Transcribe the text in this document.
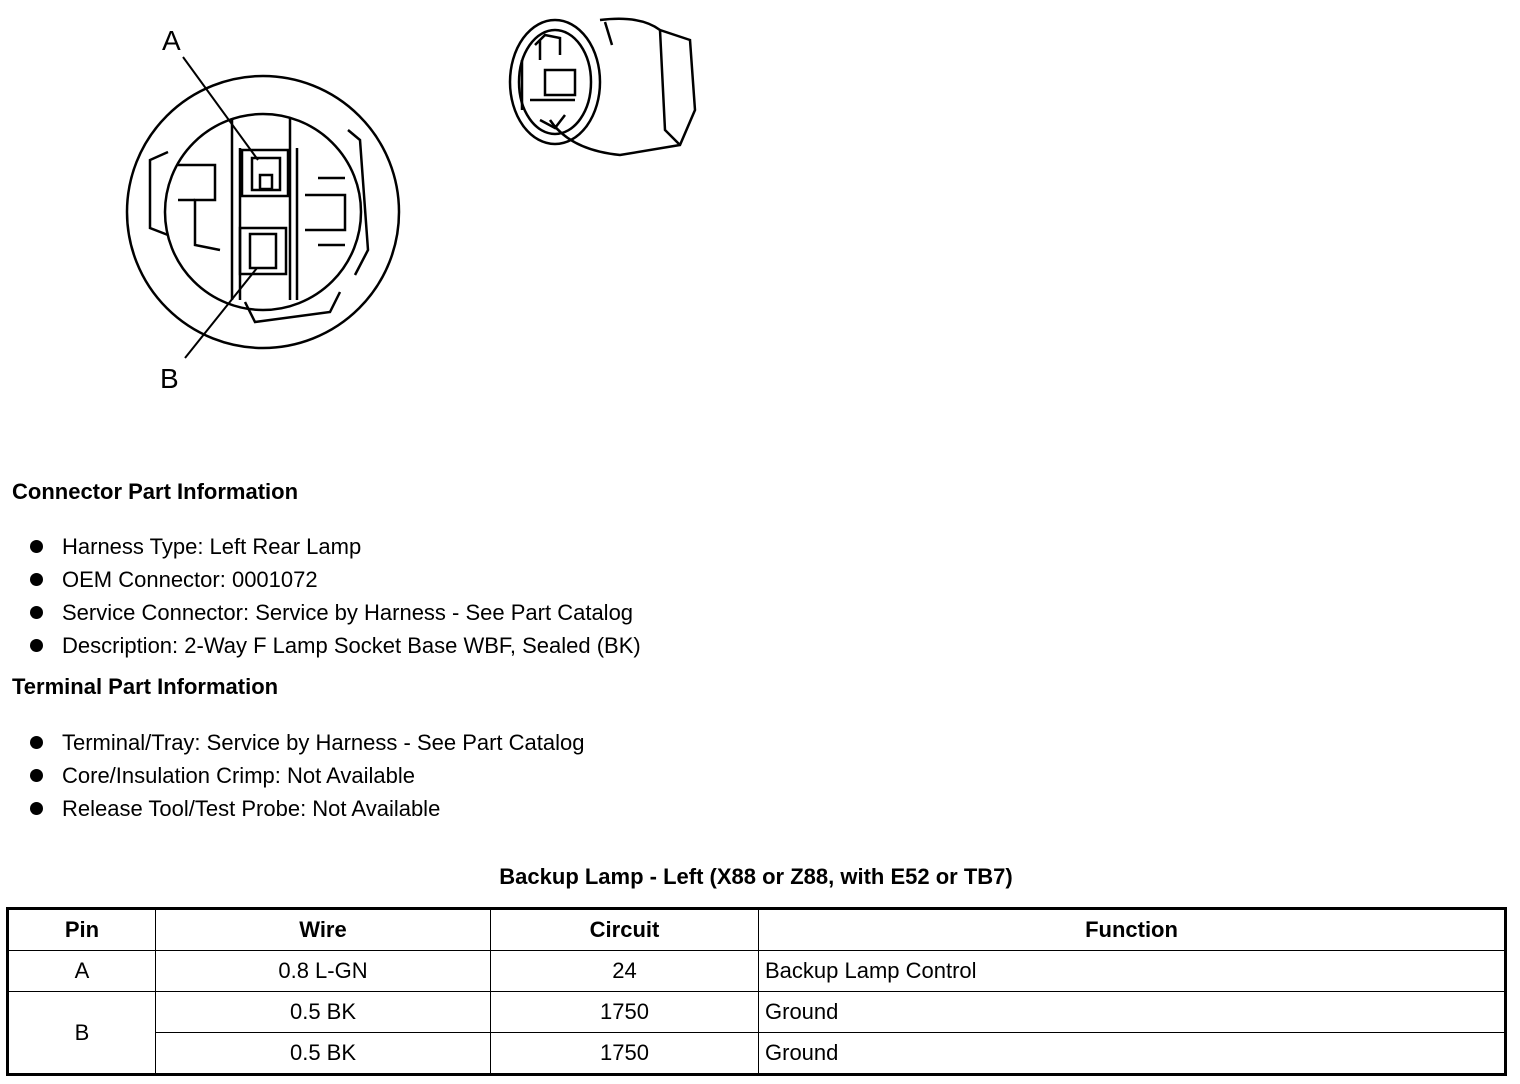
A
B
Connector Part Information
Harness Type: Left Rear Lamp
OEM Connector: 0001072
Service Connector: Service by Harness - See Part Catalog
Description: 2-Way F Lamp Socket Base WBF, Sealed (BK)
Terminal Part Information
Terminal/Tray: Service by Harness - See Part Catalog
Core/Insulation Crimp: Not Available
Release Tool/Test Probe: Not Available
Backup Lamp - Left (X88 or Z88, with E52 or TB7)
Pin	Wire	Circuit	Function
A	0.8 L-GN	24	Backup Lamp Control
B	0.5 BK	1750	Ground
	0.5 BK	1750	Ground
